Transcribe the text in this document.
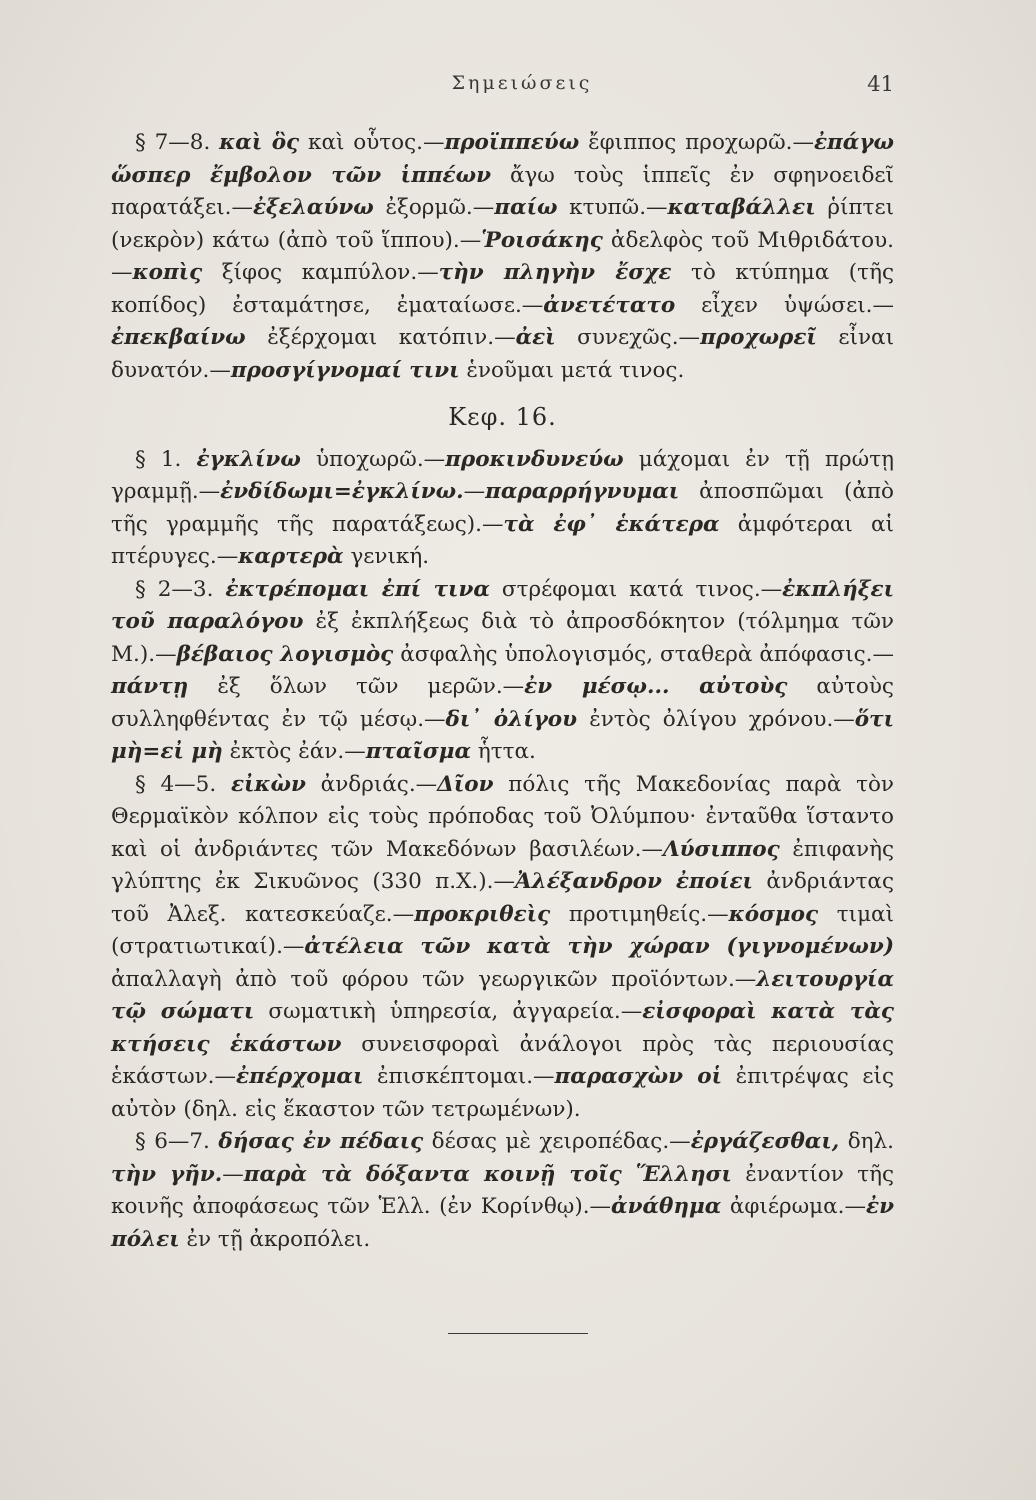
Σημειώσεις	41

§ 7—8. καὶ ὃς καὶ οὗτος.—προϊππεύω ἔφιππος προχωρῶ.—ἐπάγω ὥσπερ ἔμβολον τῶν ἱππέων ἄγω τοὺς ἱππεῖς ἐν σφηνοειδεῖ παρατάξει.—ἐξελαύνω ἐξορμῶ.—παίω κτυπῶ.—καταβάλλει ῥίπτει (νεκρὸν) κάτω (ἀπὸ τοῦ ἵππου).—Ῥοισάκης ἀδελφὸς τοῦ Μιθριδάτου.—κοπὶς ξίφος καμπύλον.—τὴν πληγὴν ἔσχε τὸ κτύπημα (τῆς κοπίδος) ἐσταμάτησε, ἐματαίωσε.—ἀνετέτατο εἶχεν ὑψώσει.—ἐπεκβαίνω ἐξέρχομαι κατόπιν.—ἀεὶ συνεχῶς.—προχωρεῖ εἶναι δυνατόν.—προσγίγνομαί τινι ἑνοῦμαι μετά τινος.

Κεφ. 16.

§ 1. ἐγκλίνω ὑποχωρῶ.—προκινδυνεύω μάχομαι ἐν τῇ πρώτῃ γραμμῇ.—ἐνδίδωμι=ἐγκλίνω.—παραρρήγνυμαι ἀποσπῶμαι (ἀπὸ τῆς γραμμῆς τῆς παρατάξεως).—τὰ ἐφ᾽ ἑκάτερα ἀμφότεραι αἱ πτέρυγες.—καρτερὰ γενική.

§ 2—3. ἐκτρέπομαι ἐπί τινα στρέφομαι κατά τινος.—ἐκπλήξει τοῦ παραλόγου ἐξ ἐκπλήξεως διὰ τὸ ἀπροσδόκητον (τόλμημα τῶν Μ.).—βέβαιος λογισμὸς ἀσφαλὴς ὑπολογισμός, σταθερὰ ἀπόφασις.—πάντῃ ἐξ ὅλων τῶν μερῶν.—ἐν μέσῳ... αὐτοὺς αὐτοὺς συλληφθέντας ἐν τῷ μέσῳ.—δι᾽ ὀλίγου ἐντὸς ὀλίγου χρόνου.—ὅτι μὴ=εἰ μὴ ἐκτὸς ἐάν.—πταῖσμα ἧττα.

§ 4—5. εἰκὼν ἀνδριάς.—Δῖον πόλις τῆς Μακεδονίας παρὰ τὸν Θερμαϊκὸν κόλπον εἰς τοὺς πρόποδας τοῦ Ὀλύμπου· ἐνταῦθα ἵσταντο καὶ οἱ ἀνδριάντες τῶν Μακεδόνων βασιλέων.—Λύσιππος ἐπιφανὴς γλύπτης ἐκ Σικυῶνος (330 π.Χ.).—Ἀλέξανδρον ἐποίει ἀνδριάντας τοῦ Ἀλεξ. κατεσκεύαζε.—προκριθεὶς προτιμηθείς.—κόσμος τιμαὶ (στρατιωτικαί).—ἀτέλεια τῶν κατὰ τὴν χώραν (γιγνομένων) ἀπαλλαγὴ ἀπὸ τοῦ φόρου τῶν γεωργικῶν προϊόντων.—λειτουργία τῷ σώματι σωματικὴ ὑπηρεσία, ἀγγαρεία.—εἰσφοραὶ κατὰ τὰς κτήσεις ἑκάστων συνεισφοραὶ ἀνάλογοι πρὸς τὰς περιουσίας ἑκάστων.—ἐπέρχομαι ἐπισκέπτομαι.—παρασχὼν οἱ ἐπιτρέψας εἰς αὐτὸν (δηλ. εἰς ἕκαστον τῶν τετρωμένων).

§ 6—7. δήσας ἐν πέδαις δέσας μὲ χειροπέδας.—ἐργάζεσθαι, δηλ. τὴν γῆν.—παρὰ τὰ δόξαντα κοινῇ τοῖς Ἕλλησι ἐναντίον τῆς κοινῆς ἀποφάσεως τῶν Ἑλλ. (ἐν Κορίνθῳ).—ἀνάθημα ἀφιέρωμα.—ἐν πόλει ἐν τῇ ἀκροπόλει.
